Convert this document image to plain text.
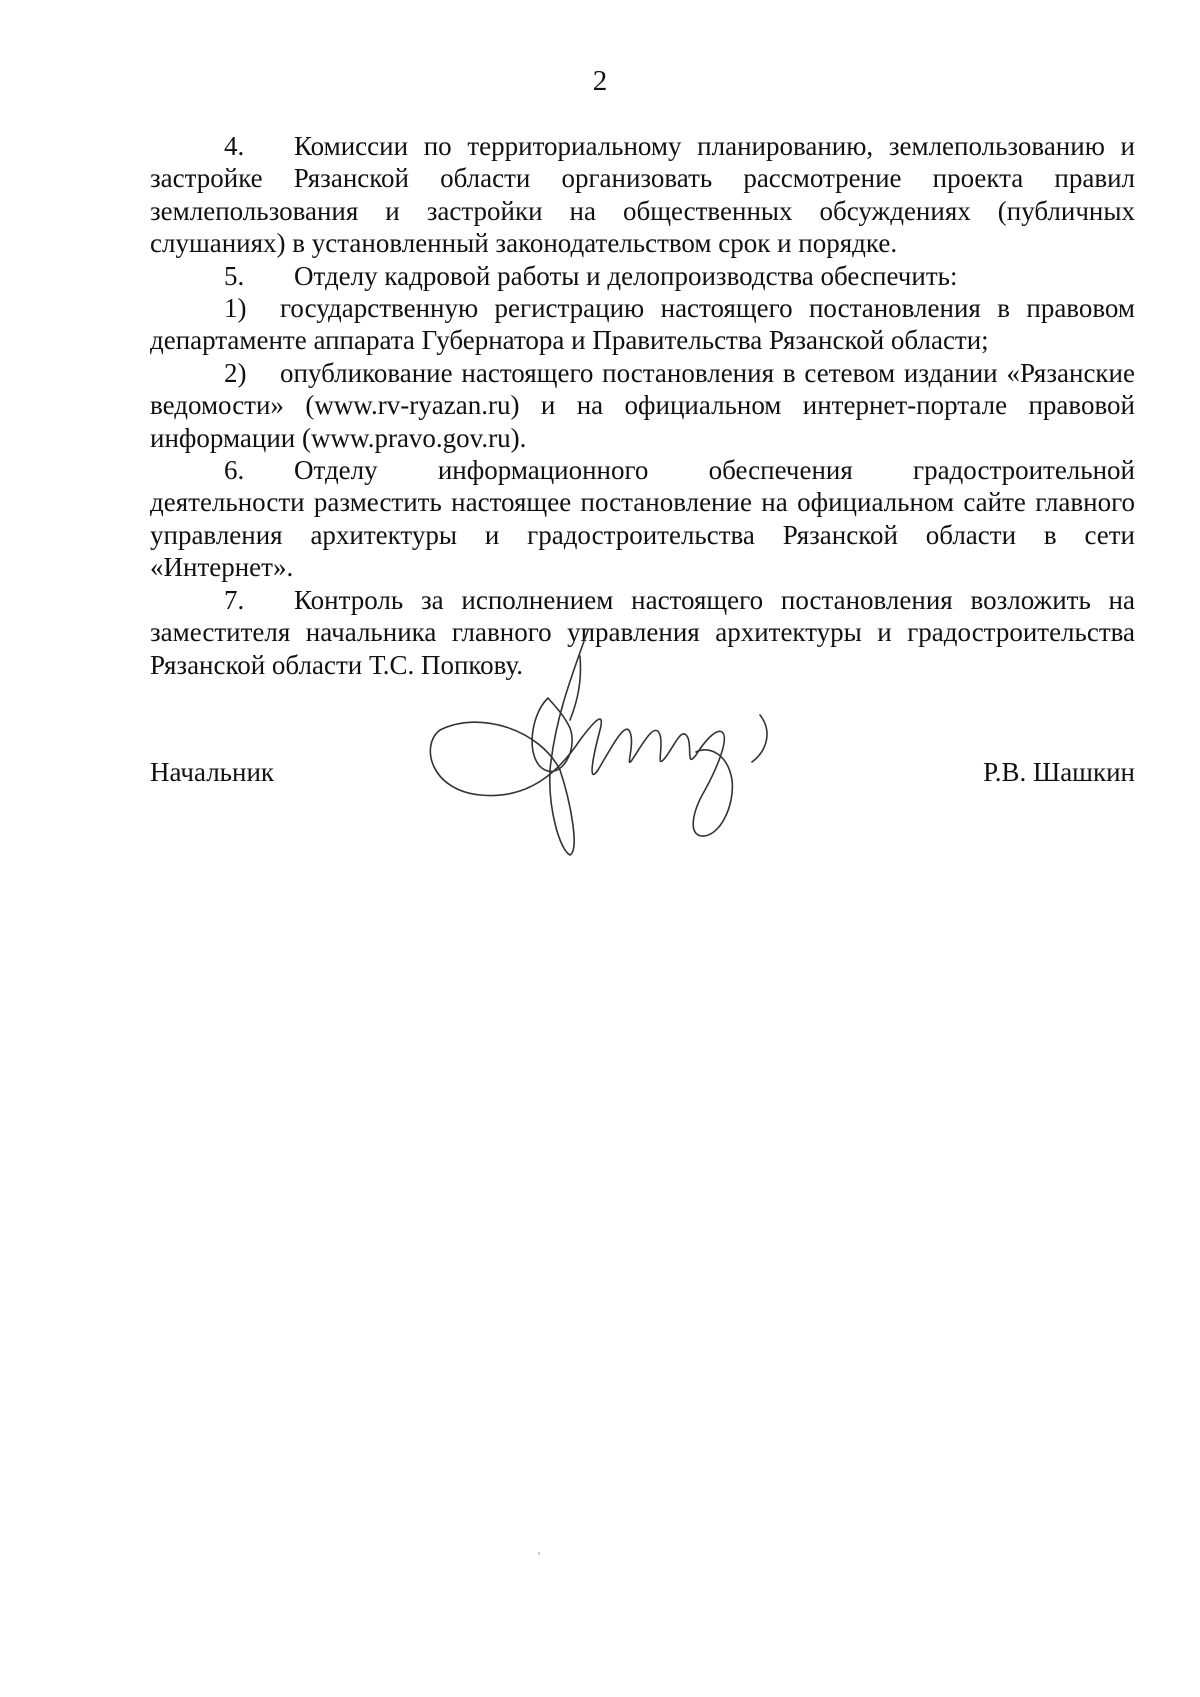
2

4. Комиссии по территориальному планированию, землепользованию и застройке Рязанской области организовать рассмотрение проекта правил землепользования и застройки на общественных обсуждениях (публичных слушаниях) в установленный законодательством срок и порядке.

5. Отделу кадровой работы и делопроизводства обеспечить:

1) государственную регистрацию настоящего постановления в правовом департаменте аппарата Губернатора и Правительства Рязанской области;

2) опубликование настоящего постановления в сетевом издании «Рязанские ведомости» (www.rv-ryazan.ru) и на официальном интернет-портале правовой информации (www.pravo.gov.ru).

6. Отделу информационного обеспечения градостроительной деятельности разместить настоящее постановление на официальном сайте главного управления архитектуры и градостроительства Рязанской области в сети «Интернет».

7. Контроль за исполнением настоящего постановления возложить на заместителя начальника главного управления архитектуры и градостроительства Рязанской области Т.С. Попкову.

Начальник	Р.В. Шашкин
